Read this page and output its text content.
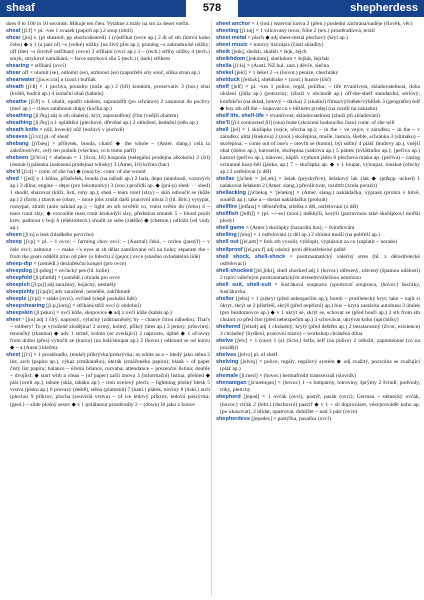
sheaf	578	shepherdess

does 0 to 100 in 10 seconds. Mikuje ten člen. Vytáhne z mály na sto za deset vteřin.

sheaf [ʃi:f] × pl. -ves 1 svazek (papírů ap.) 2 snop (obilí)

shear [ʃɪə] v. (pt sheared, pp shorn/sheared) 1 (o)stříhat (ovce ap.) 2 di of sth (barvit koho čeho) ◆ n 1 (a pair of) ~s (velké) nůžky (na živý plot ap.); pruning ~s zahradnické nůžky; off (the) ~s čerstvě ostříhaný (ovce) 2 střihání (ovcí ap.) 3 ~ (tech.) střihy nůžky 4 (tech.) smyk, smykové namáhání; ~ force smyková síla 5 (tech.) ( úsek) střihem

shearing × stříhání (ovcí)

shear off × ulomit (se), odlomit (se), utrhnout (se) (zapotřebí síly souč, síňka strun ap.)

shearwater [ʃɪə,wɔ:tə] n (zool.) buřňák

sheath [ʃi:θ] × 1 pochva, pouzdro (nože ap.) 2 (bří) kondom, prezervativ 3 (bot.) obal (květů, bodců ap.) 4 izolační obal (kabelu)

sheathe [ʃi:ð] v. 1 obalit, opatřit obalem, zapouzdřit (po schránce) 2 zasunout do pochvy (meč ap.) ~ claws zatáhnout drápy (kočka ap.)

sheathing [ʃi:ðɪŋ] adj is sth obalený, kryt, zapouzdřený (čím (vnější obalem)

sheathing [ʃi:ðɪŋ] n 1 opláštění (plechové, dřevěné ap.) 2 obložení, bednění (stěn ap.)

sheath knife × nůž, lovecký nůž (nožový v pochvě)

sheaves [ʃi:vz] pl. of sheaf

shebang [ʃɪ'bæŋ] × příbytek, bouda, chatrč ◆ the whole ~ (Amer. slang.) celá ta záležitost/věc, celý ten podnik (všechno, co k tomu patří)

shebeen [ʃɪ'bi:n] × shebean × 1 (Scot, Irl) hospoda (nelegální prodejna alkoholu) 2 (Irl) (domácí) pálenka (nalezená prodejna) whisky) 3 (Amer, Irl) krčma (bar)

she'd [ʃi:d] = contr. of she had ◆ (ona) by; contr. of she would

shed ¹ [ʃed] n 1 kůlna, přístřešek, bouda (na nářadí ap.) 2 hala, depo (autobusů, vozových ap.) 3 dílna; engine ~ depo (pro lokomotivy) 3 (zoo.) prořídlí ap. ◆ (prá-p) shed/ · · shed) 1 shodit, shazovat (kůži, listí, rohy ap.); shed ~ tears ronit (slzy) ~ skin odloučit se (kůže ap.) 2 (form.) zbavit se (obav, ~ more jobs zrušit další pracovní místa 3 (hl. Brit.) vysypat, rozsypat, ztratit (auto náklad ap.); ~ light on sth osvětlit co, vnést světlo do (čeho) 4 ~ tears ronit slzy; ◆ crocodile tears ronit krokodýlí slzy, předstírat smutek 5 ~ blood prolít krev, padnout v boji 6 (elektrotech.) shodit ze sebe (zátěže) ◆ (chemie.) odložit (od vody ap.)

sheen [ʃi:n] n lesk (hladkého povrchu)

sheep [ʃi:p] × pl. ~ 1 ovce; ~ farming chov ovcí; ~ (Austral) čeká, ~ cerlou (pastýř) ~ v čele ovcí; zalmout · ~ make ~'s eyes at sb dělat zamilované oči na koho; separate the ~ from the goats oddělit zrno od plev (o lidech) 2 (pejor.) ovce (snadno ovladatelná lidé)

sheep-dip × (zemědl.) dezinfekční koupel (pro ovce)

sheepdog [ʃi:pdɒɡ] × ovčácký pes (hl. kolie)

sheepfold [ʃi:pfəʊld] × (zemědl.) ohrada pro ovce

sheepish [ʃi:pɪʃ] adj zaražený, bojácný, nesmělý

sheepishly [ʃi:pɪʃlɪ] adv zaraženě, nesměle, zakřiknutě

sheeple [ʃi:pl] × stádo (ovcí), ovčáně (slepě poslušní lidé)

sheepshearing [ʃi:p,ʃɪərɪŋ] × střihání/stříž ovcí (i obdobní)

sheepskin [ʃi:pskɪn] × ovčí kůže, skopovice ◆ adj z ovčí kůže (kabát ap.)

sheer ¹ [ʃɪə] adj 1 čirý, naprostý, výlučný (zdůrazněně); by ~ chance čirou náhodou; That's ~ robbery! To je vyloženě zlodějina! 2 strmý, kolmý, příkrý (útes ap.) 3 jemný, průsvitný, tenoučký (tkanina) ◆ adv 1 strmě, kolmo (se zvedající) 2 naprosto, úplně ◆ 1 of/away from dráhu (přes) vybočit ze (kurzu) (na lodi/stoupat ap.) 2 (hovor.) odklonit se od kurzu ◆ ~ a (Austr.) klečmy

sheet [ʃi:t] × 1 prostěradlo, (tenké) přikrývka/prokrývka; as white as a ~ bledý jako stěna 2 list, arch (papíru ap.), výkaz (zmíkaného), úterák (zmáčeného papíru); blank ~ of paper čistý list papíru; balance ~ účetní bilance, rozvaha; attendance ~ prezenční listina; double ~ dvojlist; ◆ start with a clean ~ (of paper) začít znovu 3 (informační) listina, přehled ◆ plát (oceli ap.), tabule (skla, tabáku ap.) ~ iron ocelový plech; ~ lightning plošný blesk 5 vrstva (písku ap.) 6 provazy (deště), stěna (plamenů) 7 (hanl.) plátek, noviny 8 (tiskl.) arch (plechu) 9 příkrov, plocha (souvislá vrstva) ~ of ice ledový příkrov, ledová pokrývka; (geol.) ~ slide plošný sesuv ◆ v 1 potáhnout prostěradly 2 ~ (down) lít jako z konve

sheet anchor × 1 (lod.) rezervní kotva 2 (přen.) poslední záchrana/naděje (člověk, věc)

sheeting [ʃi:tɪŋ] × 1 válcovaný tovar, fólie 2 (tex.) prostěradlová, textil

sheet metal × plech ◆ adj sheet-metal plechový (kryt ap.)

sheet music × notový list/zápis (části skladby)

sheik [ʃeɪk], sheikh, shaikh × šejk, šejch

sheikhdom [ʃeɪkdəm], sheikdom × šejkát, šejchát

sheila [ʃi:lə] × (Austl. NZ.hul. zast.) děvče, slečna

shekel [ʃekl] × 1 šekel 2 ~s (hovor.) peníze, chechtáky

shelduck [ʃeldʌk], sheldrake × (zool.) husice (lišč)

shelf [ʃelf] × pl. -ves 1 police, regál, polička; ~ life trvanlivost, skladovatelnost, doba uložení (jídla ap.) (potravin); (zboží v obchodě ap.) off-the-shelf standardní, sériový; konfekční (na sklad, hotový ~ dávka) 2 (skaliní) římsa/výčnělek/výběžek 3 (geografie) šelf ◆ buy sth off the ~ kupovat co v běžném prodeji (na rozdíl na zakázku)

shelf life, shelf-life × trvanlivost, skladovatelnost (zboží při skladování)

she'll [ʃi:l contracted ʃil] (ona) bude (zkrácení budoucího času) contr. of she will

shell [ʃel] × 1 skořápka (vejce, ořecha ap.); ~ in the ~ ve vejce, v zárodku; ~ in the ~ v zárodku; ulita (šnekova) 2 (zool.) skořepina, mušle, lastura, škeble, schránka 3 (slimáku) ~ skořepina; ~ come out of one's ~ otevřít se (komu), být sdílný 4 plášť (budovy ap.), vnější obal (domu ap.), karoserie, skořepina (sádrová ap.) 5 plátek (zvláštního ap.); (pečiva ap.) kastrol (pečivo ap.), nátovec, náplň. vyjmout jádro 6 plechová miska ap. (pečiva) ~ casing ochranné kusy-běl (jánka, ap.) 7 ~ skořápka ap. ◆ v 1 loupat, vyloupat, louskat (ořechy ap.) 2 ostřelovat (z děl)

shellac [ʃə'læk × ʃel,æk] × šelak (pryskyřice), šelakový lak (lak ◆ (pt&pp -acked) 1 nalakovat šelakem 2 (Amer. slang.) převálcovat, rozdrtit (zcela porazit)

shellacking [ʃə'lækɪŋ × 'ʃelækɪŋ] × (Amer. slang.) nakládačka, výprask (prohra v bitvě, soutěži ap.); take a ~ dostat nakládačku (prohrát)

shellfire [ʃelfaɪə] × dělostřelba, střelba z děl, ostřelování (z děl)

shellfish [ʃelfɪʃ] × (pl. ~/~es) (zool.) měkkýši, korýši (potravinou také skořápkoví mořští plody)

shell game × (Amer.) skořápky (hazardní hra); ~ švindlování

shelling [ʃelɪŋ] × 1 ostřelování (z děl ap.) 2 sbírání mušlí (na pobřeží ap.)

shell out [ʃel,aʊt] × fork sth vysolit, vyklopit, vyplázout za co (zaplatit ~ nerado)

shellproof [ʃel,pru:f] adj odolný proti dělostřelecké palbě

shell shock, shell-shock × posttraumatický válečný stres (hl. z dělostřelecké ostřelovací)

shell-shocked [ʃel,ʃɒkt], shell shocked adj 1 (hovor.) otřesený, zdrcený (špatnou událostí) 2 trpící válečným posttraumatickým stresem/válečnou neurózou

shell suit, shell-suit × šusťáková souprava (sportovní souprava, (hovor.) šusťáky, šusťákovka

shelter [ʃeltə] × 1 (a)kryt (před nebezpečím ap.); bomb ~ protiletecký kryt; take ~ najít si úkryt, skrýt se 2 přístřeší, skrýš (před nepřízní) ap.) bus ~ krytá zastávka autobusu 3 útulek (pro bezdomovce ap.) ◆ v 1 ukrýt se, skrýt se, schovat se (před bouří ap.) 2 sth from sth chránit co před čím (před nebezpečím ap.) 3 schovávat, ukrývat koho (uprchlíky)

sheltered [ʃeltəd] adj 1 chráněný, krytý (před deštěm ap.) 2 bezstarostný (život, existence) 3 chráněný (bydlení, pracovní místo) ~ workshop chráněná dílna

shelve [ʃelv] × 1 (rare) 1 (a) (Scot.) šelfa, šelf (na police) 2 odložit, zapomenout (co na později)

shelves [ʃelvz] pl. of shelf

shelving [ʃelvɪŋ] × police, regály, regálový systém ◆ adj svažitý, pozvolna se svažující (pláž ap.)

shemale [ʃi:meɪl] × (hovor.) hermafrodit transsexuál (slovník)

shenanigan [ʃə'nænɪɡən] × (hovor.) 1 ~s lumpárny, lotroviny, šprýmy 2 švindl, podvody, triky, pletichy

shepherd [ʃepəd] × 1 ovčák (ovcí), pastýř, pasák (ovcí); German ~ německý ovčák, (hovor.) vlčák 2 (bibl.) (duchovní) pastýř ◆ v 1 ~ sb doprovázet, vést/provádět koho ap. (po ukazovat), 2 hlídat, opatrovat, dohlížet ~ nad 3 pást (ovce)

shepherdess [ʃepədes] × pastýřka, pasačka (ovcí)
